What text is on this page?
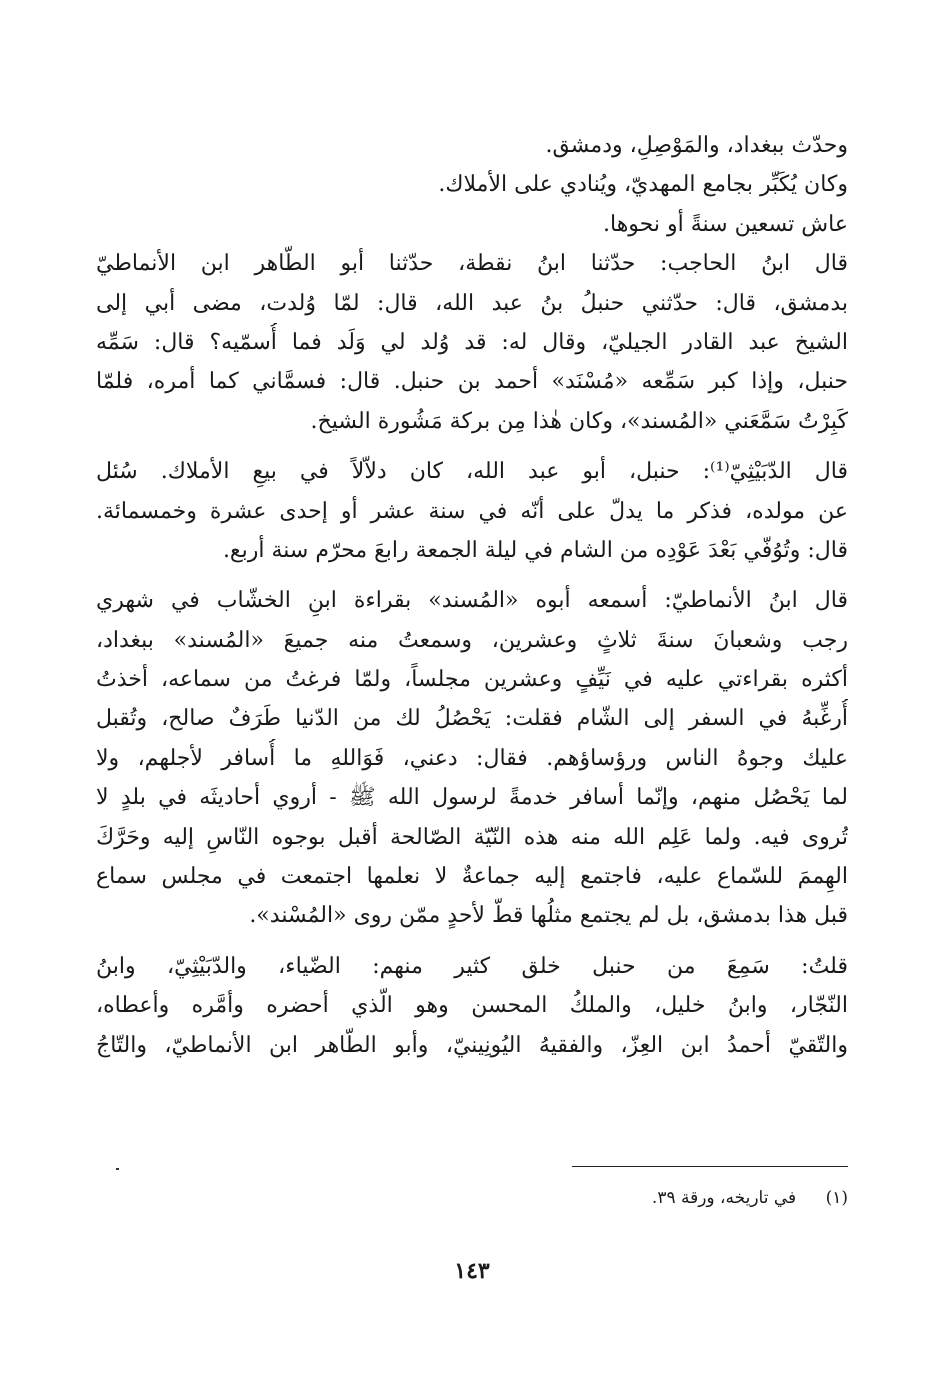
وحدّث ببغداد، والمَوْصِلِ، ودمشق.
وكان يُكَبِّر بجامع المهديّ، ويُنادي على الأملاك.
عاش تسعين سنةً أو نحوها.
قال ابنُ الحاجب: حدّثنا ابنُ نقطة، حدّثنا أبو الطّاهر ابن الأنماطيّ
بدمشق، قال: حدّثني حنبلُ بنُ عبد الله، قال: لمّا وُلدت، مضى أبي إلى
الشيخ عبد القادر الجيليّ، وقال له: قد وُلد لي وَلَد فما أُسمّيه؟ قال: سَمِّه
حنبل، وإذا كبر سَمِّعه «مُسْنَد» أحمد بن حنبل. قال: فسمَّاني كما أمره، فلمّا
كَبِرْتُ سَمَّعَني «المُسند»، وكان هٰذا مِن بركة مَشُورة الشيخ.
قال الدّبَيْثِيّ⁽¹⁾: حنبل، أبو عبد الله، كان دلاّلاً في بيعِ الأملاك. سُئل
عن مولده، فذكر ما يدلّ على أنّه في سنة عشر أو إحدى عشرة وخمسمائة.
قال: وتُوُفّي بَعْدَ عَوْدِه من الشام في ليلة الجمعة رابعَ محرّم سنة أربع.
قال ابنُ الأنماطيّ: أسمعه أبوه «المُسند» بقراءة ابنِ الخشّاب في شهري
رجب وشعبانَ سنةَ ثلاثٍ وعشرين، وسمعتُ منه جميعَ «المُسند» ببغداد،
أكثره بقراءتي عليه في نَيِّفٍ وعشرين مجلساً، ولمّا فرغتُ من سماعه، أخذتُ
أُرغِّبهُ في السفر إلى الشّام فقلت: يَحْصُلُ لك من الدّنيا طَرَفٌ صالح، وتُقبل
عليك وجوهُ الناس ورؤساؤهم. فقال: دعني، فَوَاللهِ ما أُسافر لأجلهم، ولا
لما يَحْصُل منهم، وإنّما أسافر خدمةً لرسول الله ﷺ - أروي أحاديثَه في بلدٍ لا
تُروى فيه. ولما عَلِم الله منه هذه النّيّة الصّالحة أقبل بوجوه النّاسِ إليه وحَرَّكَ
الهِممَ للسّماع عليه، فاجتمع إليه جماعةٌ لا نعلمها اجتمعت في مجلس سماع
قبل هذا بدمشق، بل لم يجتمع مثلُها قطّ لأحدٍ ممّن روى «المُسْند».
قلتُ: سَمِعَ من حنبل خلق كثير منهم: الضّياء، والدّبَيْثِيّ، وابنُ
النّجّار، وابنُ خليل، والملكُ المحسن وهو الّذي أحضره وأمَّره وأعطاه،
والتّقيّ أحمدُ ابن العِزّ، والفقيهُ اليُونِينيّ، وأبو الطّاهر ابن الأنماطيّ، والتّاجُ
(١) في تاريخه، ورقة ٣٩.
١٤٣
